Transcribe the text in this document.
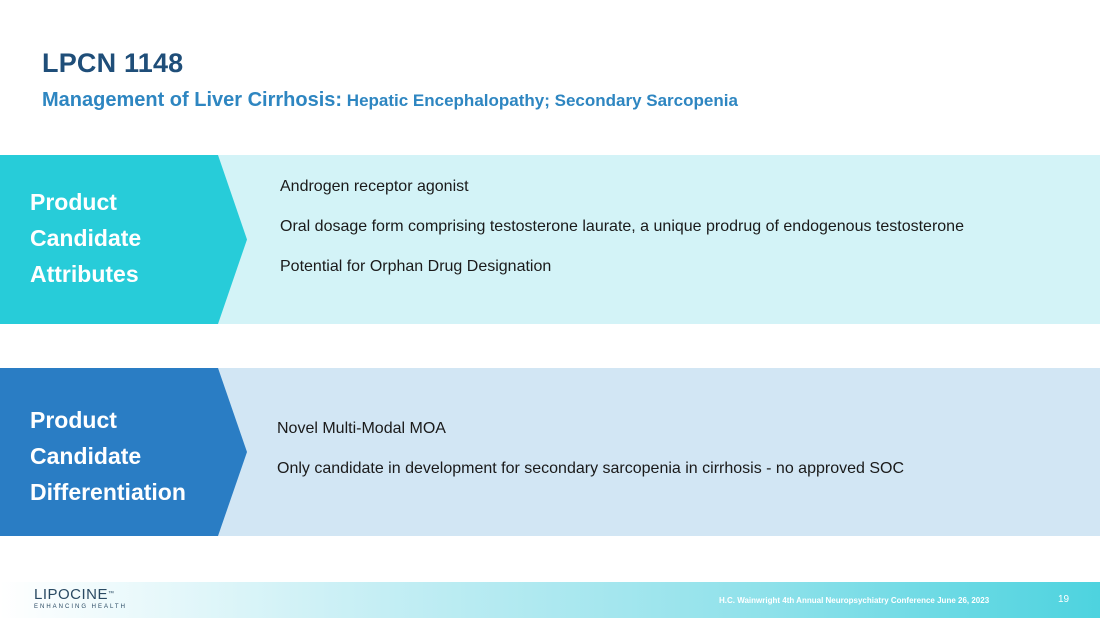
LPCN 1148
Management of Liver Cirrhosis: Hepatic Encephalopathy; Secondary Sarcopenia
Product
Candidate
Attributes
Androgen receptor agonist
Oral dosage form comprising testosterone laurate, a unique prodrug of endogenous testosterone
Potential for Orphan Drug Designation
Product
Candidate
Differentiation
Novel Multi-Modal MOA
Only candidate in development for secondary sarcopenia in cirrhosis - no approved SOC
LIPOCINE™
ENHANCING HEALTH
H.C. Wainwright 4th Annual Neuropsychiatry Conference June 26, 2023	19
